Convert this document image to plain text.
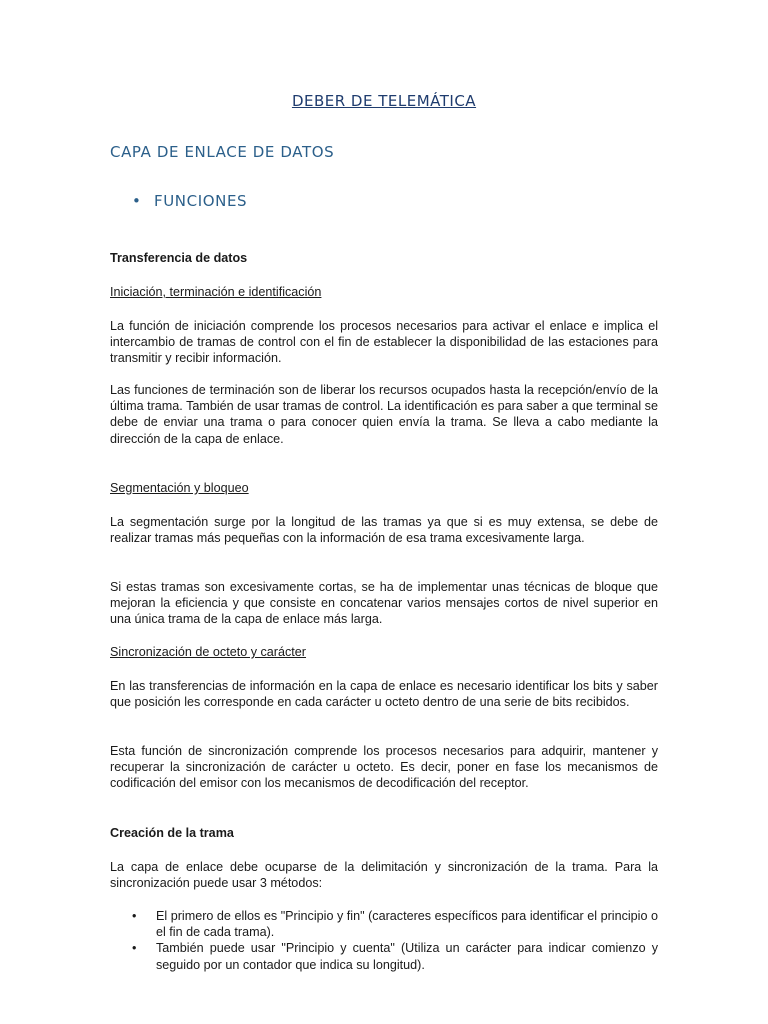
DEBER DE TELEMÁTICA
CAPA DE ENLACE DE DATOS
• FUNCIONES
Transferencia de datos
Iniciación, terminación e identificación
La función de iniciación comprende los procesos necesarios para activar el enlace e implica el intercambio de tramas de control con el fin de establecer la disponibilidad de las estaciones para transmitir y recibir información.
Las funciones de terminación son de liberar los recursos ocupados hasta la recepción/envío de la última trama. También de usar tramas de control. La identificación es para saber a que terminal se debe de enviar una trama o para conocer quien envía la trama. Se lleva a cabo mediante la dirección de la capa de enlace.
Segmentación y bloqueo
La segmentación surge por la longitud de las tramas ya que si es muy extensa, se debe de realizar tramas más pequeñas con la información de esa trama excesivamente larga.
Si estas tramas son excesivamente cortas, se ha de implementar unas técnicas de bloque que mejoran la eficiencia y que consiste en concatenar varios mensajes cortos de nivel superior en una única trama de la capa de enlace más larga.
Sincronización de octeto y carácter
En las transferencias de información en la capa de enlace es necesario identificar los bits y saber que posición les corresponde en cada carácter u octeto dentro de una serie de bits recibidos.
Esta función de sincronización comprende los procesos necesarios para adquirir, mantener y recuperar la sincronización de carácter u octeto. Es decir, poner en fase los mecanismos de codificación del emisor con los mecanismos de decodificación del receptor.
Creación de la trama
La capa de enlace debe ocuparse de la delimitación y sincronización de la trama. Para la sincronización puede usar 3 métodos:
• El primero de ellos es "Principio y fin" (caracteres específicos para identificar el principio o el fin de cada trama).
• También puede usar "Principio y cuenta" (Utiliza un carácter para indicar comienzo y seguido por un contador que indica su longitud).
